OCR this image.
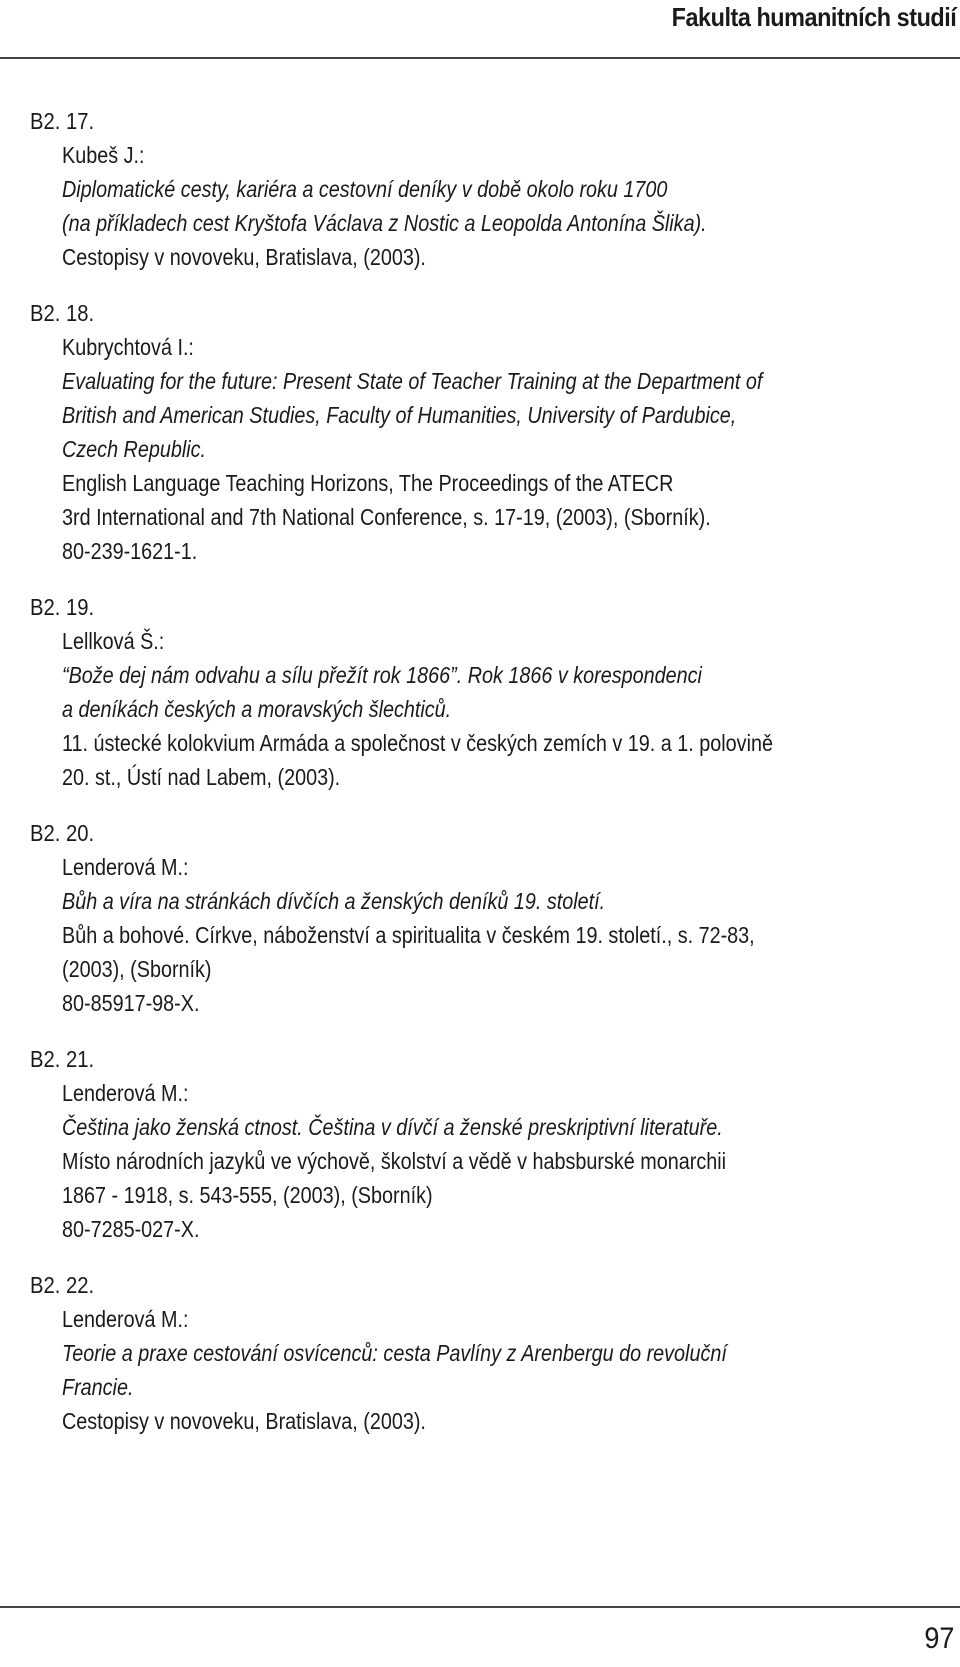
Fakulta humanitních studií
B2. 17.
Kubeš J.:
Diplomatické cesty, kariéra a cestovní deníky v době okolo roku 1700
(na příkladech cest Kryštofa Václava z Nostic a Leopolda Antonína Šlika).
Cestopisy v novoveku, Bratislava, (2003).
B2. 18.
Kubrychtová I.:
Evaluating for the future: Present State of Teacher Training at the Department of
British and American Studies, Faculty of Humanities, University of Pardubice,
Czech Republic.
English Language Teaching Horizons, The Proceedings of the ATECR
3rd International and 7th National Conference, s. 17-19, (2003), (Sborník).
80-239-1621-1.
B2. 19.
Lellková Š.:
“Bože dej nám odvahu a sílu přežít rok 1866”. Rok 1866 v korespondenci
a deníkách českých a moravských šlechticů.
11. ústecké kolokvium Armáda a společnost v českých zemích v 19. a 1. polovině
20. st., Ústí nad Labem, (2003).
B2. 20.
Lenderová M.:
Bůh a víra na stránkách dívčích a ženských deníků 19. století.
Bůh a bohové. Církve, náboženství a spiritualita v českém 19. století., s. 72-83,
(2003), (Sborník)
80-85917-98-X.
B2. 21.
Lenderová M.:
Čeština jako ženská ctnost. Čeština v dívčí a ženské preskriptivní literatuře.
Místo národních jazyků ve výchově, školství a vědě v habsburské monarchii
1867 - 1918, s. 543-555, (2003), (Sborník)
80-7285-027-X.
B2. 22.
Lenderová M.:
Teorie a praxe cestování osvícenců: cesta Pavlíny z Arenbergu do revoluční
Francie.
Cestopisy v novoveku, Bratislava, (2003).
97
